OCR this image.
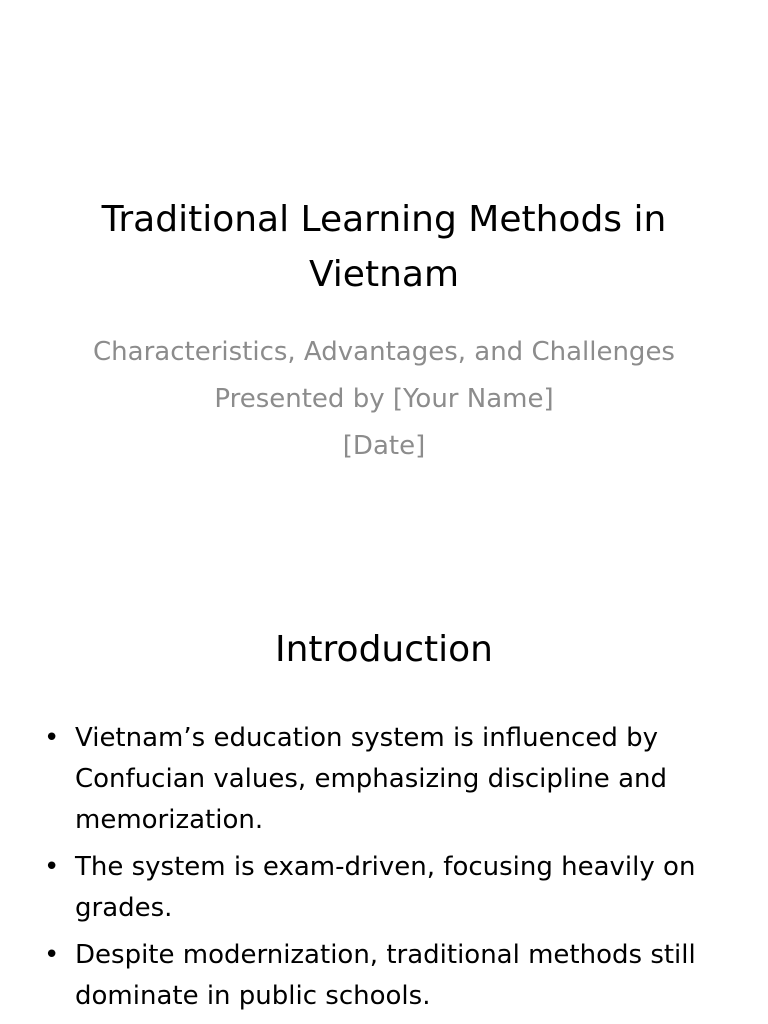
Traditional Learning Methods in Vietnam
Characteristics, Advantages, and Challenges
Presented by [Your Name]
[Date]
Introduction
• Vietnam’s education system is influenced by Confucian values, emphasizing discipline and memorization.
• The system is exam-driven, focusing heavily on grades.
• Despite modernization, traditional methods still dominate in public schools.
